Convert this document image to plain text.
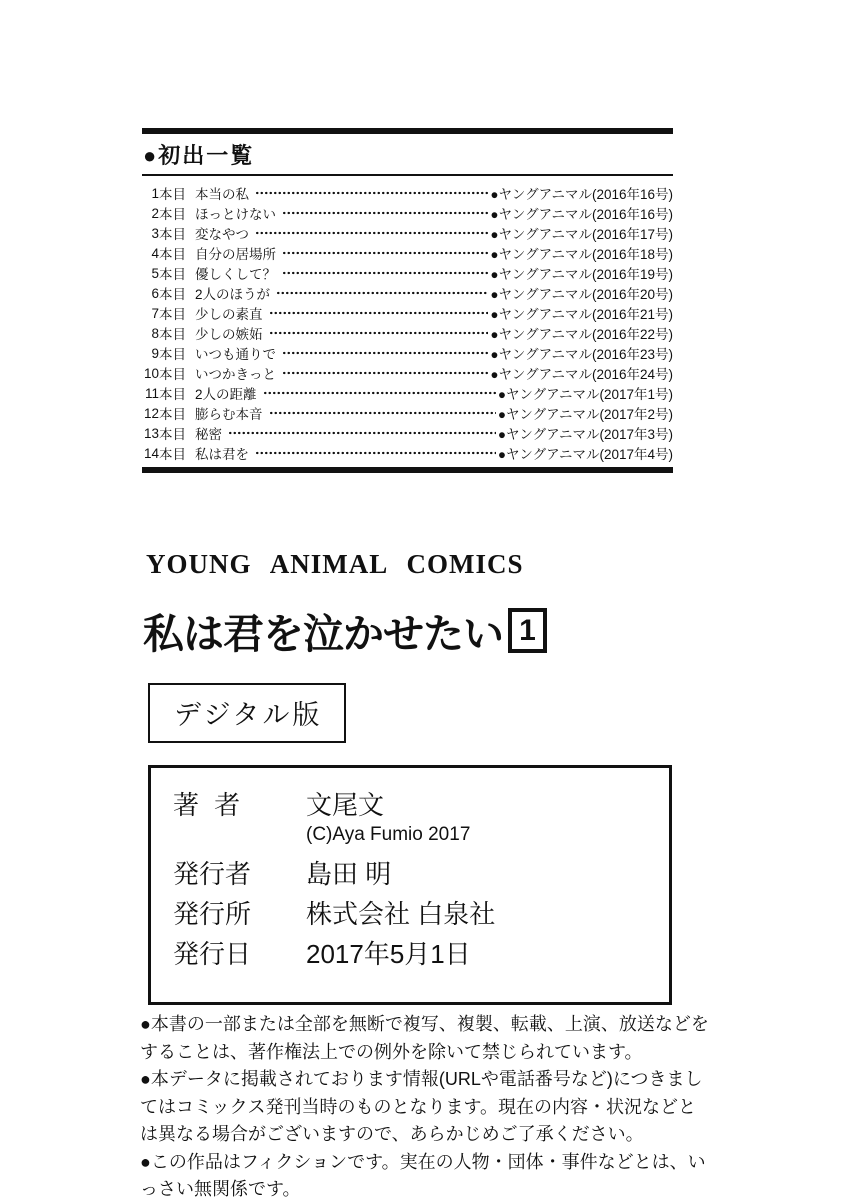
●初出一覧
1 本目 本当の私	●ヤングアニマル(2016年16号)
2 本目 ほっとけない	●ヤングアニマル(2016年16号)
3 本目 変なやつ	●ヤングアニマル(2016年17号)
4 本目 自分の居場所	●ヤングアニマル(2016年18号)
5 本目 優しくして？	●ヤングアニマル(2016年19号)
6 本目 2人のほうが	●ヤングアニマル(2016年20号)
7 本目 少しの素直	●ヤングアニマル(2016年21号)
8 本目 少しの嫉妬	●ヤングアニマル(2016年22号)
9 本目 いつも通りで	●ヤングアニマル(2016年23号)
10 本目 いつかきっと	●ヤングアニマル(2016年24号)
11 本目 2人の距離	●ヤングアニマル(2017年1号)
12 本目 膨らむ本音	●ヤングアニマル(2017年2号)
13 本目 秘密	●ヤングアニマル(2017年3号)
14 本目 私は君を	●ヤングアニマル(2017年4号)
YOUNG ANIMAL COMICS
私は君を泣かせたい 1
デジタル版
著者	文尾文
(C)Aya Fumio 2017
発行者	島田 明
発行所	株式会社 白泉社
発行日	2017年5月1日

●本書の一部または全部を無断で複写、複製、転載、上演、放送などをすることは、著作権法上での例外を除いて禁じられています。

●本データに掲載されております情報(URLや電話番号など)につきましてはコミックス発刊当時のものとなります。現在の内容・状況などとは異なる場合がございますので、あらかじめご了承ください。

●この作品はフィクションです。実在の人物・団体・事件などとは、いっさい無関係です。
